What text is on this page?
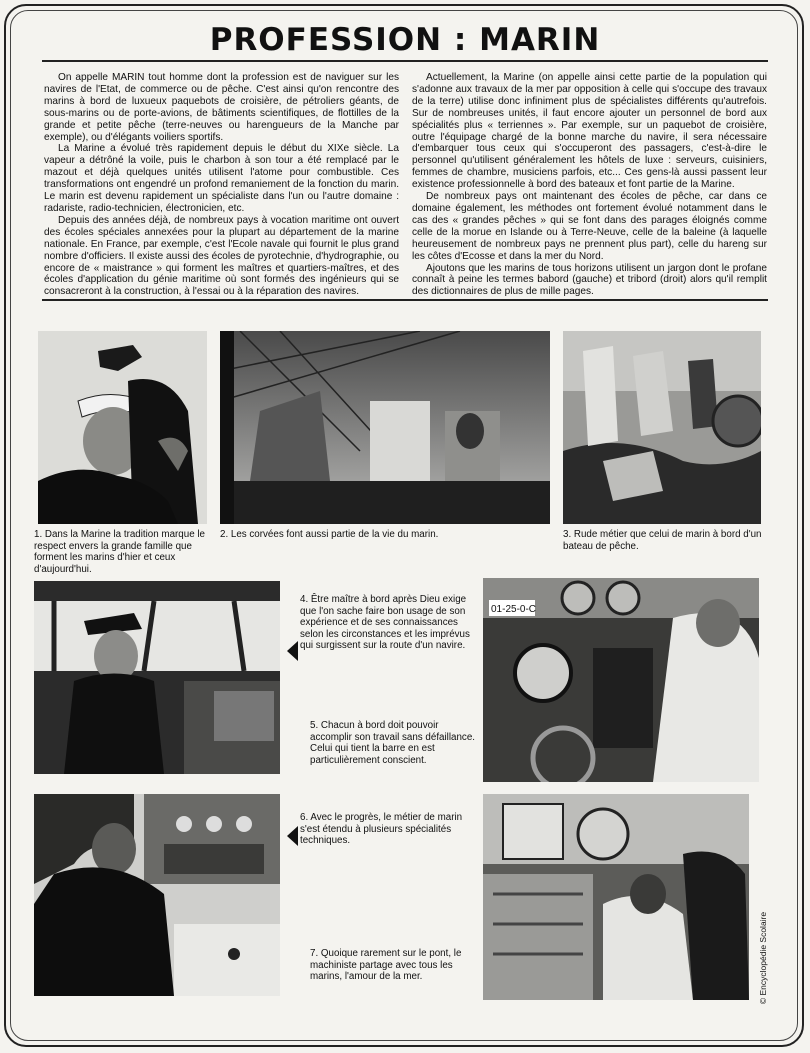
PROFESSION : MARIN

On appelle MARIN tout homme dont la profession est de naviguer sur les navires de l'Etat, de commerce ou de pêche. C'est ainsi qu'on rencontre des marins à bord de luxueux paquebots de croisière, de pétroliers géants, de sous-marins ou de porte-avions, de bâtiments scientifiques, de flottilles de la grande et petite pêche (terre-neuves ou harengueurs de la Manche par exemple), ou d'élégants voiliers sportifs.

La Marine a évolué très rapidement depuis le début du XIXe siècle. La vapeur a détrôné la voile, puis le charbon à son tour a été remplacé par le mazout et déjà quelques unités utilisent l'atome pour combustible. Ces transformations ont engendré un profond remaniement de la fonction du marin. Le marin est devenu rapidement un spécialiste dans l'un ou l'autre domaine : radariste, radio-technicien, électronicien, etc.

Depuis des années déjà, de nombreux pays à vocation maritime ont ouvert des écoles spéciales annexées pour la plupart au département de la marine nationale. En France, par exemple, c'est l'Ecole navale qui fournit le plus grand nombre d'officiers. Il existe aussi des écoles de pyrotechnie, d'hydrographie, ou encore de « maistrance » qui forment les maîtres et quartiers-maîtres, et des écoles d'application du génie maritime où sont formés des ingénieurs qui se consacreront à la construction, à l'essai ou à la réparation des navires.

Actuellement, la Marine (on appelle ainsi cette partie de la population qui s'adonne aux travaux de la mer par opposition à celle qui s'occupe des travaux de la terre) utilise donc infiniment plus de spécialistes différents qu'autrefois. Sur de nombreuses unités, il faut encore ajouter un personnel de bord aux spécialités plus « terriennes ». Par exemple, sur un paquebot de croisière, outre l'équipage chargé de la bonne marche du navire, il sera nécessaire d'embarquer tous ceux qui s'occuperont des passagers, c'est-à-dire le personnel qu'utilisent généralement les hôtels de luxe : serveurs, cuisiniers, femmes de chambre, musiciens parfois, etc... Ces gens-là aussi passent leur existence professionnelle à bord des bateaux et font partie de la Marine.

De nombreux pays ont maintenant des écoles de pêche, car dans ce domaine également, les méthodes ont fortement évolué notamment dans le cas des « grandes pêches » qui se font dans des parages éloignés comme celle de la morue en Islande ou à Terre-Neuve, celle de la baleine (à laquelle heureusement de nombreux pays ne prennent plus part), celle du hareng sur les côtes d'Ecosse et dans la mer du Nord.

Ajoutons que les marins de tous horizons utilisent un jargon dont le profane connaît à peine les termes babord (gauche) et tribord (droit) alors qu'il remplit des dictionnaires de plus de mille pages.

1. Dans la Marine la tradition marque le respect envers la grande famille que forment les marins d'hier et ceux d'aujourd'hui.
2. Les corvées font aussi partie de la vie du marin.	3. Rude métier que celui de marin à bord d'un bateau de pêche.
4. Être maître à bord après Dieu exige que l'on sache faire bon usage de son expérience et de ses connaissances selon les circonstances et les imprévus qui surgissent sur la route d'un navire.
01-25-0-C
5. Chacun à bord doit pouvoir accomplir son travail sans défaillance. Celui qui tient la barre en est particulièrement conscient.
6. Avec le progrès, le métier de marin s'est étendu à plusieurs spécialités techniques.
7. Quoique rarement sur le pont, le machiniste partage avec tous les marins, l'amour de la mer.	© Encyclopédie Scolaire
